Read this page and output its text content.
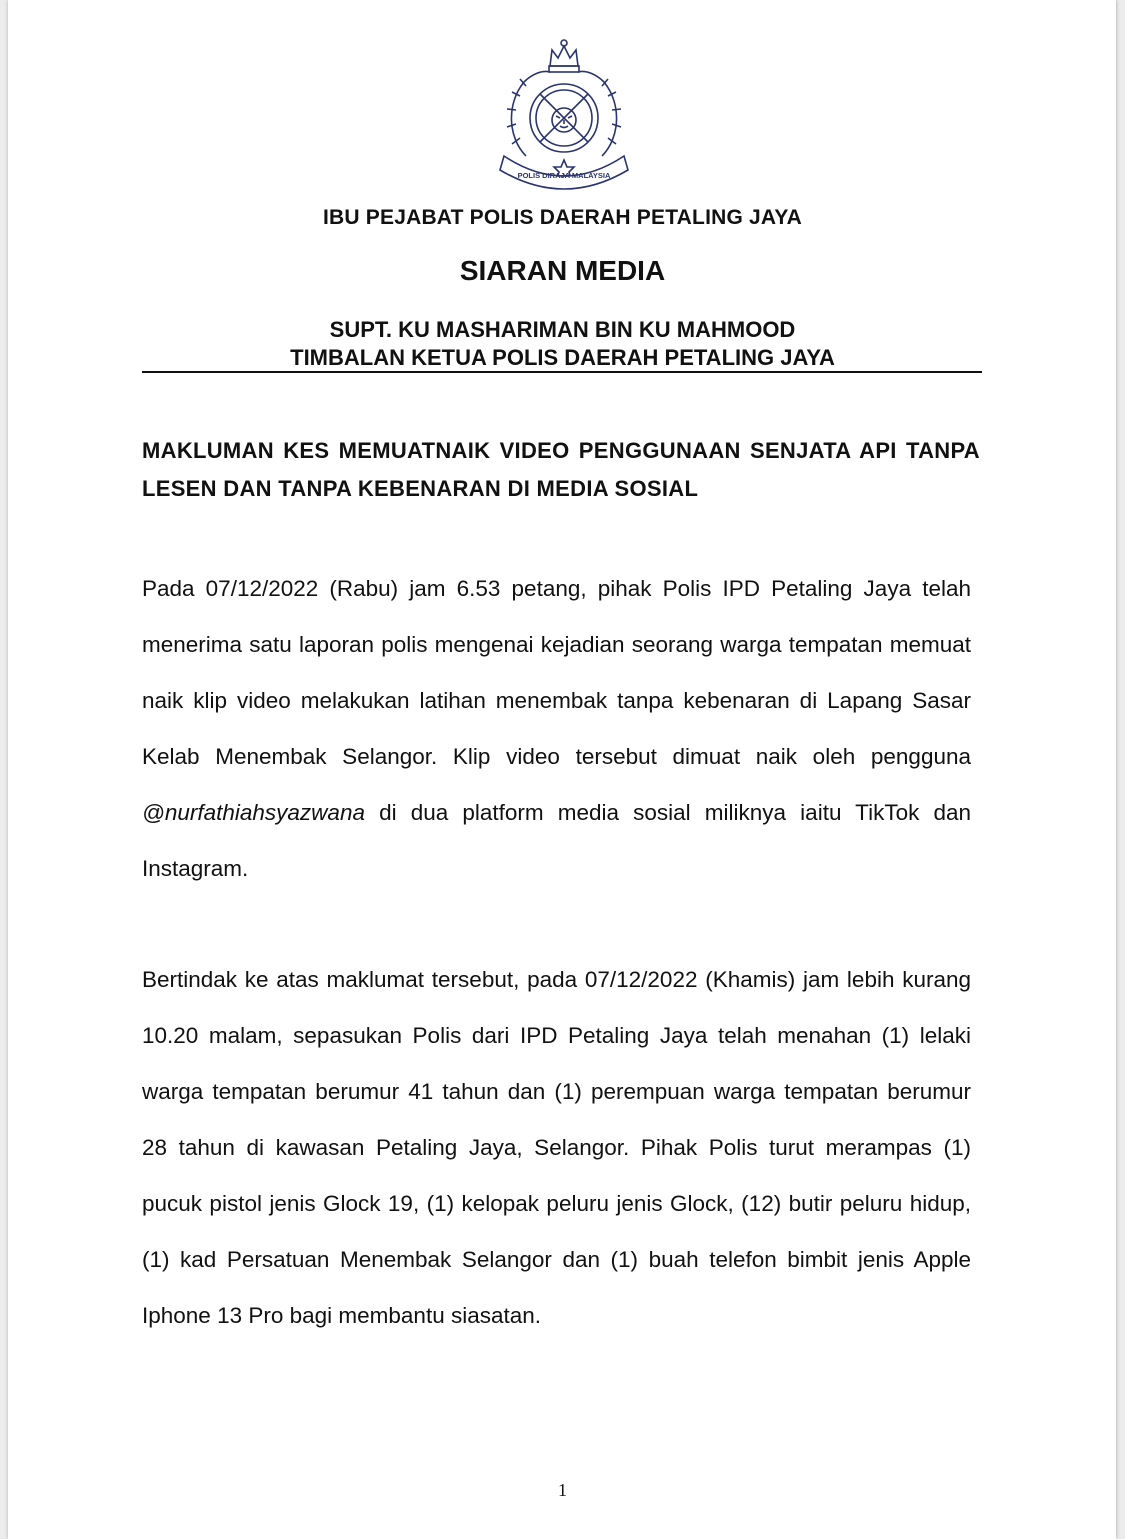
POLIS DIRAJA MALAYSIA
IBU PEJABAT POLIS DAERAH PETALING JAYA
SIARAN MEDIA
SUPT. KU MASHARIMAN BIN KU MAHMOOD
TIMBALAN KETUA POLIS DAERAH PETALING JAYA
MAKLUMAN KES MEMUATNAIK VIDEO PENGGUNAAN SENJATA API TANPA LESEN DAN TANPA KEBENARAN DI MEDIA SOSIAL

Pada 07/12/2022 (Rabu) jam 6.53 petang, pihak Polis IPD Petaling Jaya telah menerima satu laporan polis mengenai kejadian seorang warga tempatan memuat naik klip video melakukan latihan menembak tanpa kebenaran di Lapang Sasar Kelab Menembak Selangor. Klip video tersebut dimuat naik oleh pengguna @nurfathiahsyazwana di dua platform media sosial miliknya iaitu TikTok dan Instagram.

Bertindak ke atas maklumat tersebut, pada 07/12/2022 (Khamis) jam lebih kurang 10.20 malam, sepasukan Polis dari IPD Petaling Jaya telah menahan (1) lelaki warga tempatan berumur 41 tahun dan (1) perempuan warga tempatan berumur 28 tahun di kawasan Petaling Jaya, Selangor. Pihak Polis turut merampas (1) pucuk pistol jenis Glock 19, (1) kelopak peluru jenis Glock, (12) butir peluru hidup, (1) kad Persatuan Menembak Selangor dan (1) buah telefon bimbit jenis Apple Iphone 13 Pro bagi membantu siasatan.

1
